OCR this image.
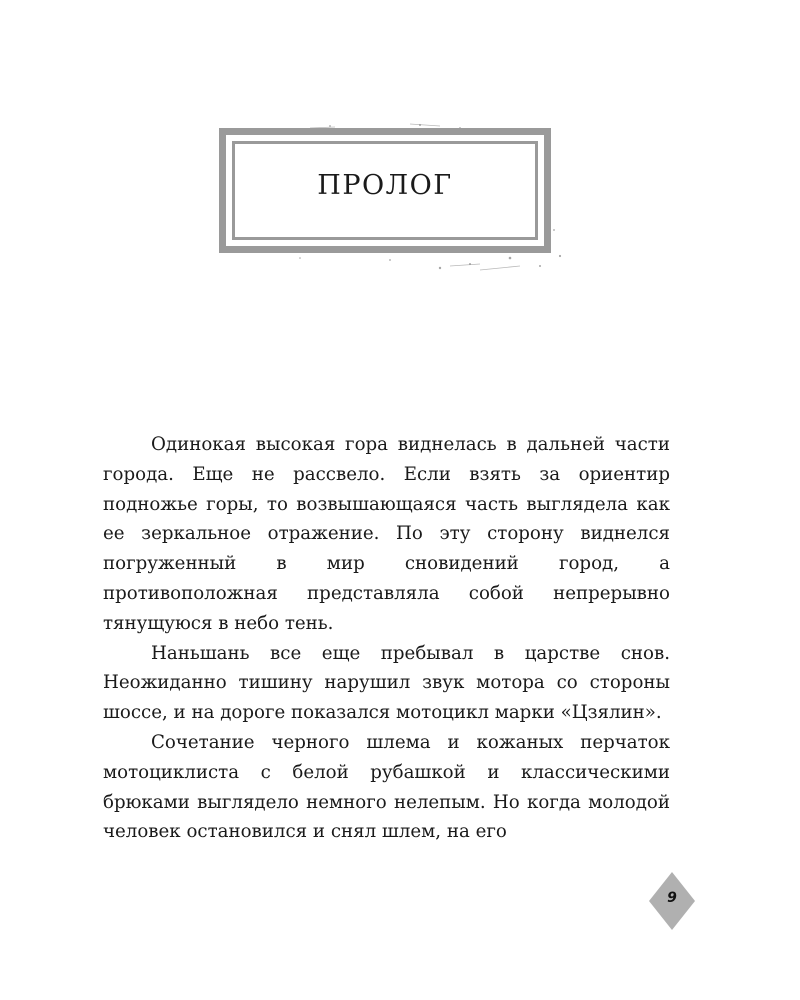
ПРОЛОГ

Одинокая высокая гора виднелась в дальней части города. Еще не рассвело. Если взять за ориентир подножье горы, то возвышающаяся часть выглядела как ее зеркальное отражение. По эту сторону виднелся погруженный в мир сновидений город, а противоположная представляла собой непрерывно тянущуюся в небо тень.

Наньшань все еще пребывал в царстве снов. Неожиданно тишину нарушил звук мотора со стороны шоссе, и на дороге показался мотоцикл марки «Цзялин».

Сочетание черного шлема и кожаных перчаток мотоциклиста с белой рубашкой и классическими брюками выглядело немного нелепым. Но когда молодой человек остановился и снял шлем, на его

9
